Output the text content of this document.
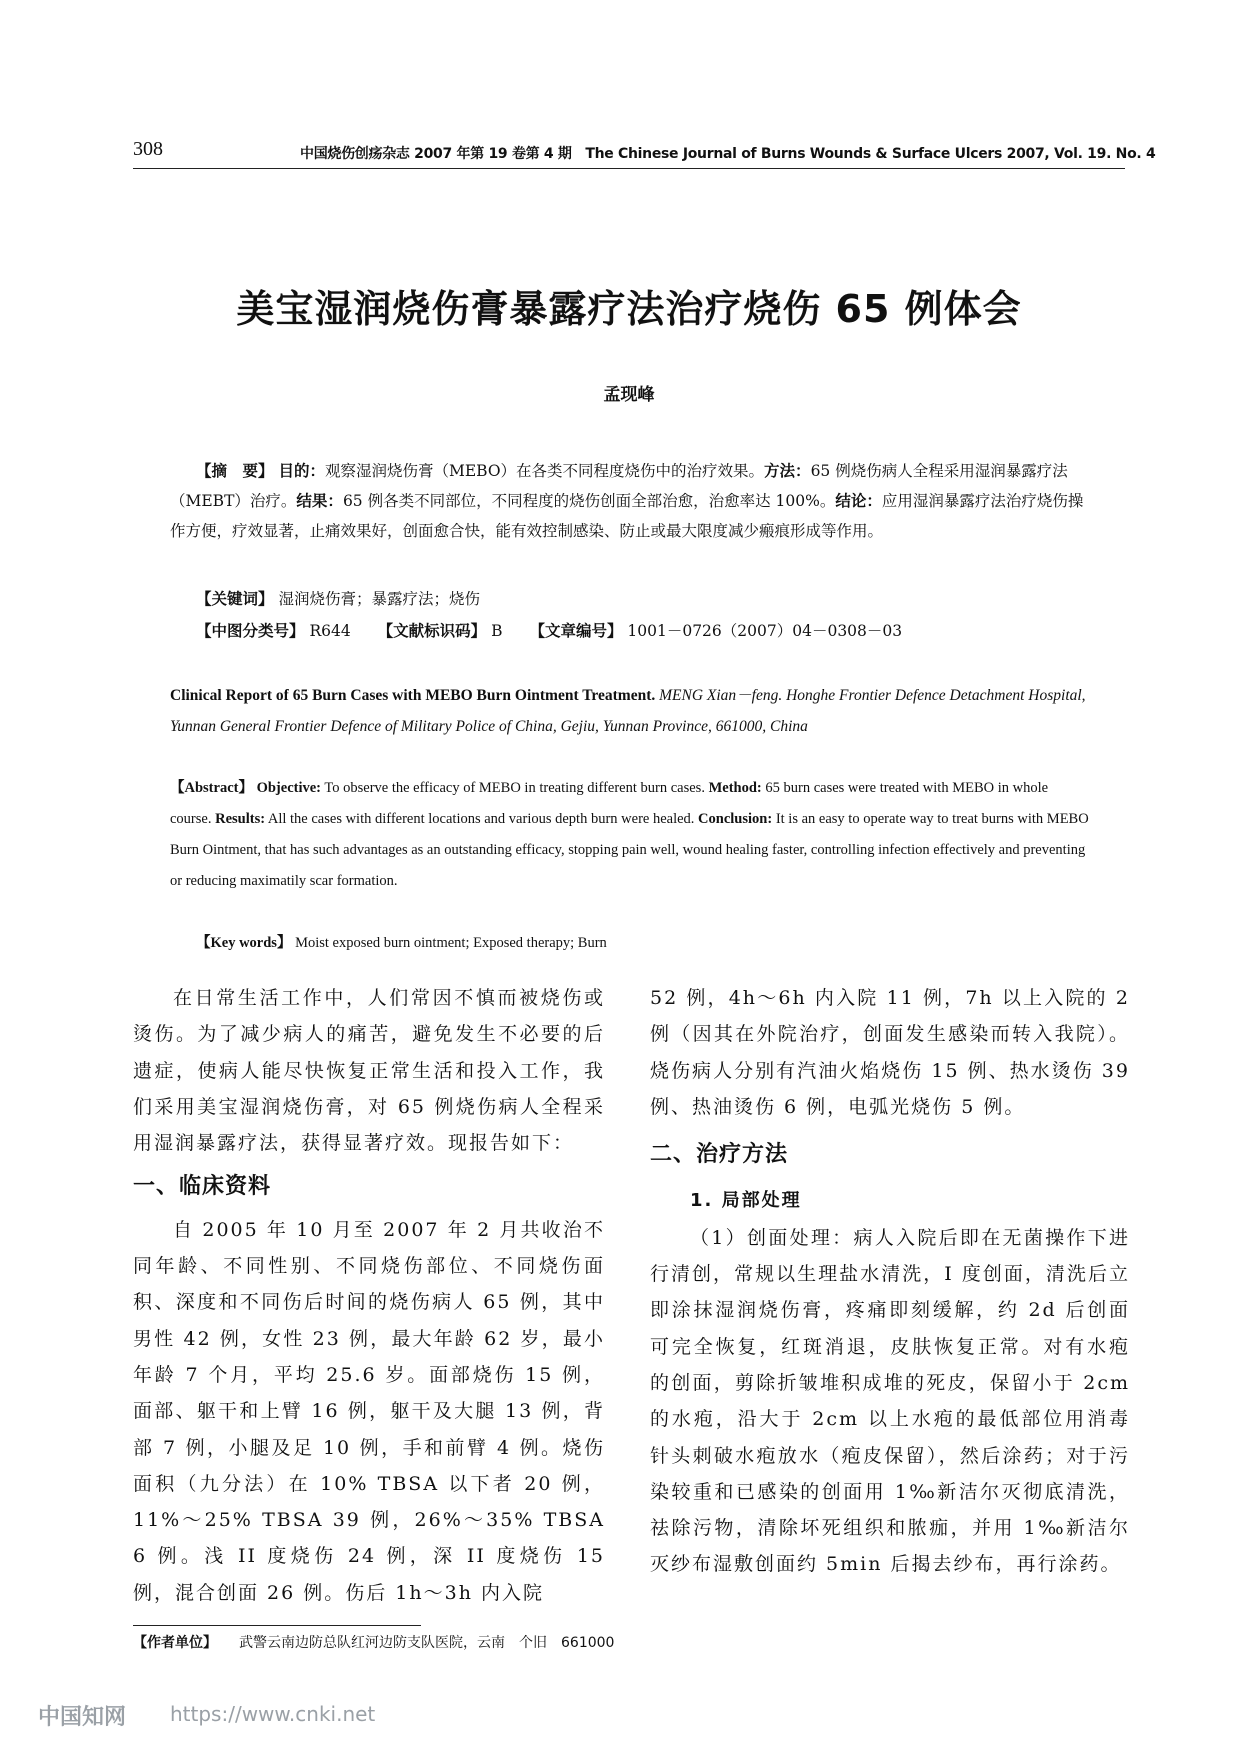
308	中国烧伤创疡杂志 2007 年第 19 卷第 4 期　The Chinese Journal of Burns Wounds & Surface Ulcers 2007, Vol. 19. No. 4
美宝湿润烧伤膏暴露疗法治疗烧伤 65 例体会
孟现峰
【摘　要】 目的：观察湿润烧伤膏（MEBO）在各类不同程度烧伤中的治疗效果。方法：65 例烧伤病人全程采用湿润暴露疗法（MEBT）治疗。结果：65 例各类不同部位，不同程度的烧伤创面全部治愈，治愈率达 100%。结论：应用湿润暴露疗法治疗烧伤操作方便，疗效显著，止痛效果好，创面愈合快，能有效控制感染、防止或最大限度减少瘢痕形成等作用。
【关键词】 湿润烧伤膏；暴露疗法；烧伤
【中图分类号】 R644 【文献标识码】 B 【文章编号】 1001－0726（2007）04－0308－03
Clinical Report of 65 Burn Cases with MEBO Burn Ointment Treatment. MENG Xian－feng. Honghe Frontier Defence Detachment Hospital, Yunnan General Frontier Defence of Military Police of China, Gejiu, Yunnan Province, 661000, China
【Abstract】 Objective: To observe the efficacy of MEBO in treating different burn cases. Method: 65 burn cases were treated with MEBO in whole course. Results: All the cases with different locations and various depth burn were healed. Conclusion: It is an easy to operate way to treat burns with MEBO Burn Ointment, that has such advantages as an outstanding efficacy, stopping pain well, wound healing faster, controlling infection effectively and preventing or reducing maximatily scar formation.
【Key words】 Moist exposed burn ointment; Exposed therapy; Burn

在日常生活工作中，人们常因不慎而被烧伤或烫伤。为了减少病人的痛苦，避免发生不必要的后遗症，使病人能尽快恢复正常生活和投入工作，我们采用美宝湿润烧伤膏，对 65 例烧伤病人全程采用湿润暴露疗法，获得显著疗效。现报告如下：

一、临床资料

自 2005 年 10 月至 2007 年 2 月共收治不同年龄、不同性别、不同烧伤部位、不同烧伤面积、深度和不同伤后时间的烧伤病人 65 例，其中男性 42 例，女性 23 例，最大年龄 62 岁，最小年龄 7 个月，平均 25.6 岁。面部烧伤 15 例，面部、躯干和上臂 16 例，躯干及大腿 13 例，背部 7 例，小腿及足 10 例，手和前臂 4 例。烧伤面积（九分法）在 10% TBSA 以下者 20 例，11%～25% TBSA 39 例，26%～35% TBSA 6 例。浅 II 度烧伤 24 例，深 II 度烧伤 15 例，混合创面 26 例。伤后 1h～3h 内入院

52 例，4h～6h 内入院 11 例，7h 以上入院的 2 例（因其在外院治疗，创面发生感染而转入我院）。烧伤病人分别有汽油火焰烧伤 15 例、热水烫伤 39 例、热油烫伤 6 例，电弧光烧伤 5 例。

二、治疗方法
1. 局部处理

（1）创面处理：病人入院后即在无菌操作下进行清创，常规以生理盐水清洗，I 度创面，清洗后立即涂抹湿润烧伤膏，疼痛即刻缓解，约 2d 后创面可完全恢复，红斑消退，皮肤恢复正常。对有水疱的创面，剪除折皱堆积成堆的死皮，保留小于 2cm 的水疱，沿大于 2cm 以上水疱的最低部位用消毒针头刺破水疱放水（疱皮保留），然后涂药；对于污染较重和已感染的创面用 1‰新洁尔灭彻底清洗，祛除污物，清除坏死组织和脓痂，并用 1‰新洁尔灭纱布湿敷创面约 5min 后揭去纱布，再行涂药。

【作者单位】 武警云南边防总队红河边防支队医院，云南　个旧　661000
中国知网 https://www.cnki.net
